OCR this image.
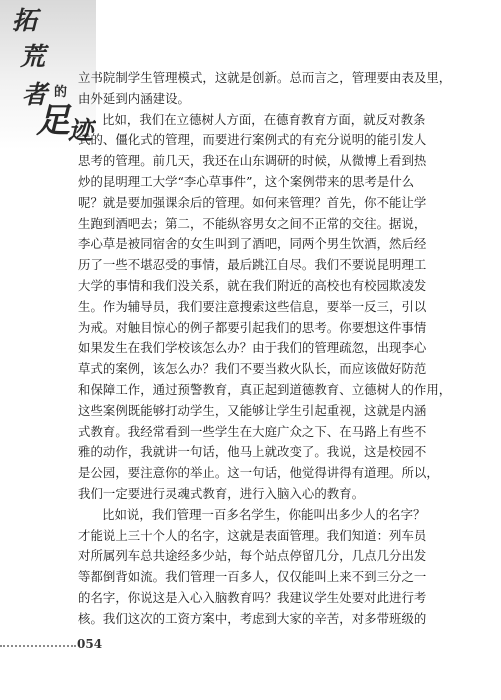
拓
荒
者 的
足
迹
立书院制学生管理模式，这就是创新。总而言之，管理要由表及里，
由外延到内涵建设。
比如，我们在立德树人方面，在德育教育方面，就反对教条
式的、僵化式的管理，而要进行案例式的有充分说明的能引发人
思考的管理。前几天，我还在山东调研的时候，从微博上看到热
炒的昆明理工大学“李心草事件”，这个案例带来的思考是什么
呢？就是要加强课余后的管理。如何来管理？首先，你不能让学
生跑到酒吧去；第二，不能纵容男女之间不正常的交往。据说，
李心草是被同宿舍的女生叫到了酒吧，同两个男生饮酒，然后经
历了一些不堪忍受的事情，最后跳江自尽。我们不要说昆明理工
大学的事情和我们没关系，就在我们附近的高校也有校园欺凌发
生。作为辅导员，我们要注意搜索这些信息，要举一反三，引以
为戒。对触目惊心的例子都要引起我们的思考。你要想这件事情
如果发生在我们学校该怎么办？由于我们的管理疏忽，出现李心
草式的案例，该怎么办？我们不要当救火队长，而应该做好防范
和保障工作，通过预警教育，真正起到道德教育、立德树人的作用，
这些案例既能够打动学生，又能够让学生引起重视，这就是内涵
式教育。我经常看到一些学生在大庭广众之下、在马路上有些不
雅的动作，我就讲一句话，他马上就改变了。我说，这是校园不
是公园，要注意你的举止。这一句话，他觉得讲得有道理。所以，
我们一定要进行灵魂式教育，进行入脑入心的教育。
比如说，我们管理一百多名学生，你能叫出多少人的名字？
才能说上三十个人的名字，这就是表面管理。我们知道：列车员
对所属列车总共途经多少站，每个站点停留几分，几点几分出发
等都倒背如流。我们管理一百多人，仅仅能叫上来不到三分之一
的名字，你说这是入心入脑教育吗？我建议学生处要对此进行考
核。我们这次的工资方案中，考虑到大家的辛苦，对多带班级的
054
